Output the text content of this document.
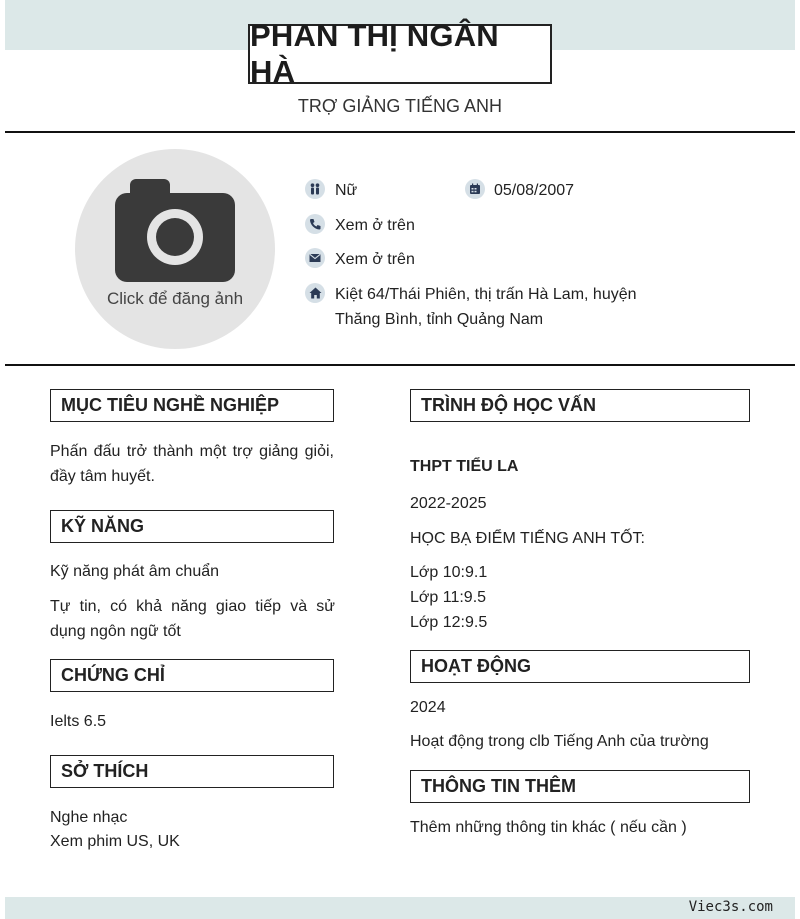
PHAN THỊ NGÂN HÀ
TRỢ GIẢNG TIẾNG ANH
Click để đăng ảnh
Nữ	05/08/2007
Xem ở trên
Xem ở trên
Kiệt 64/Thái Phiên, thị trấn Hà Lam, huyện
Thăng Bình, tỉnh Quảng Nam
MỤC TIÊU NGHỀ NGHIỆP
Phấn đấu trở thành một trợ giảng giỏi, đầy tâm huyết.
KỸ NĂNG
Kỹ năng phát âm chuẩn
Tự tin, có khả năng giao tiếp và sử dụng ngôn ngữ tốt
CHỨNG CHỈ
Ielts 6.5
SỞ THÍCH
Nghe nhạc
Xem phim US, UK
TRÌNH ĐỘ HỌC VẤN
THPT TIỂU LA
2022-2025
HỌC BẠ ĐIỂM TIẾNG ANH TỐT:
Lớp 10:9.1
Lớp 11:9.5
Lớp 12:9.5
HOẠT ĐỘNG
2024
Hoạt động trong clb Tiếng Anh của trường
THÔNG TIN THÊM
Thêm những thông tin khác ( nếu cần )
Viec3s.com
